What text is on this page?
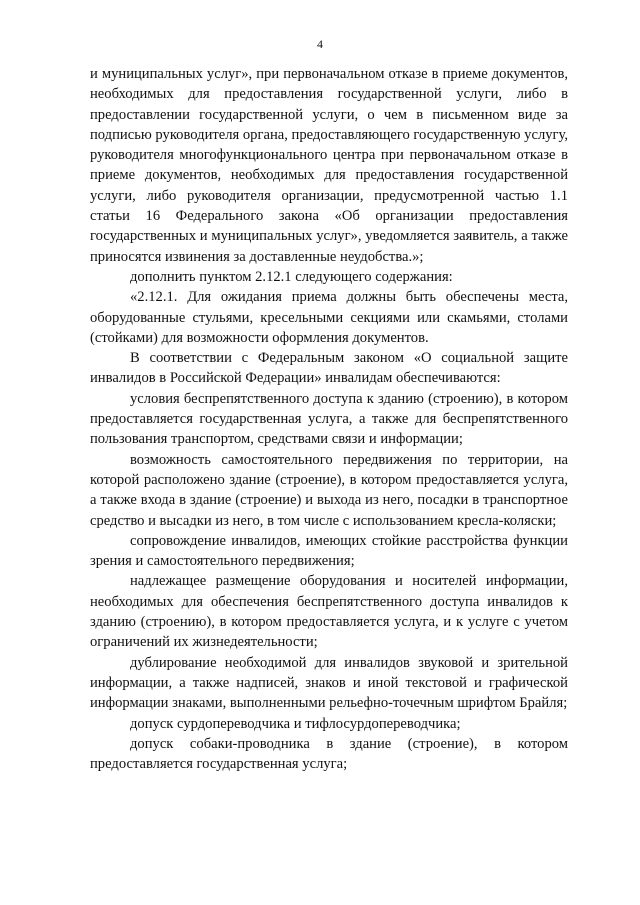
4

и муниципальных услуг», при первоначальном отказе в приеме документов, необходимых для предоставления государственной услуги, либо в предоставлении государственной услуги, о чем в письменном виде за подписью руководителя органа, предоставляющего государственную услугу, руководителя многофункционального центра при первоначальном отказе в приеме документов, необходимых для предоставления государственной услуги, либо руководителя организации, предусмотренной частью 1.1 статьи 16 Федерального закона «Об организации предоставления государственных и муниципальных услуг», уведомляется заявитель, а также приносятся извинения за доставленные неудобства.»;

дополнить пунктом 2.12.1 следующего содержания:

«2.12.1. Для ожидания приема должны быть обеспечены места, оборудованные стульями, кресельными секциями или скамьями, столами (стойками) для возможности оформления документов.

В соответствии с Федеральным законом «О социальной защите инвалидов в Российской Федерации» инвалидам обеспечиваются:

условия беспрепятственного доступа к зданию (строению), в котором предоставляется государственная услуга, а также для беспрепятственного пользования транспортом, средствами связи и информации;

возможность самостоятельного передвижения по территории, на которой расположено здание (строение), в котором предоставляется услуга, а также входа в здание (строение) и выхода из него, посадки в транспортное средство и высадки из него, в том числе с использованием кресла-коляски;

сопровождение инвалидов, имеющих стойкие расстройства функции зрения и самостоятельного передвижения;

надлежащее размещение оборудования и носителей информации, необходимых для обеспечения беспрепятственного доступа инвалидов к зданию (строению), в котором предоставляется услуга, и к услуге с учетом ограничений их жизнедеятельности;

дублирование необходимой для инвалидов звуковой и зрительной информации, а также надписей, знаков и иной текстовой и графической информации знаками, выполненными рельефно-точечным шрифтом Брайля;

допуск сурдопереводчика и тифлосурдопереводчика;

допуск собаки-проводника в здание (строение), в котором предоставляется государственная услуга;
